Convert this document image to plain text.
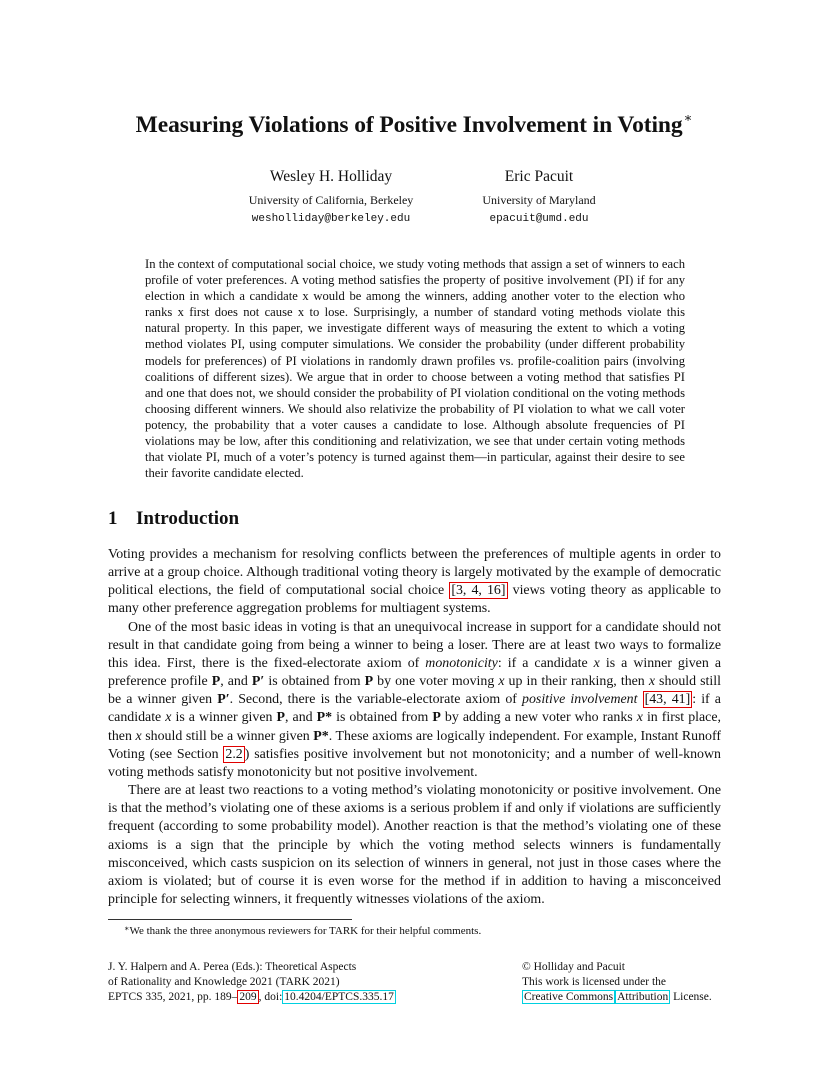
Measuring Violations of Positive Involvement in Voting∗
Wesley H. Holliday
University of California, Berkeley
wesholliday@berkeley.edu
Eric Pacuit
University of Maryland
epacuit@umd.edu
In the context of computational social choice, we study voting methods that assign a set of winners to each profile of voter preferences. A voting method satisfies the property of positive involvement (PI) if for any election in which a candidate x would be among the winners, adding another voter to the election who ranks x first does not cause x to lose. Surprisingly, a number of standard voting methods violate this natural property. In this paper, we investigate different ways of measuring the extent to which a voting method violates PI, using computer simulations. We consider the probability (under different probability models for preferences) of PI violations in randomly drawn profiles vs. profile-coalition pairs (involving coalitions of different sizes). We argue that in order to choose between a voting method that satisfies PI and one that does not, we should consider the probability of PI violation conditional on the voting methods choosing different winners. We should also relativize the probability of PI violation to what we call voter potency, the probability that a voter causes a candidate to lose. Although absolute frequencies of PI violations may be low, after this conditioning and relativization, we see that under certain voting methods that violate PI, much of a voter’s potency is turned against them—in particular, against their desire to see their favorite candidate elected.
1 Introduction

Voting provides a mechanism for resolving conflicts between the preferences of multiple agents in order to arrive at a group choice. Although traditional voting theory is largely motivated by the example of democratic political elections, the field of computational social choice [3, 4, 16] views voting theory as applicable to many other preference aggregation problems for multiagent systems.

One of the most basic ideas in voting is that an unequivocal increase in support for a candidate should not result in that candidate going from being a winner to being a loser. There are at least two ways to formalize this idea. First, there is the fixed-electorate axiom of monotonicity: if a candidate x is a winner given a preference profile P, and P′ is obtained from P by one voter moving x up in their ranking, then x should still be a winner given P′. Second, there is the variable-electorate axiom of positive involvement [43, 41] : if a candidate x is a winner given P, and P* is obtained from P by adding a new voter who ranks x in first place, then x should still be a winner given P*. These axioms are logically independent. For example, Instant Runoff Voting (see Section 2.2 ) satisfies positive involvement but not monotonicity; and a number of well-known voting methods satisfy monotonicity but not positive involvement.

There are at least two reactions to a voting method’s violating monotonicity or positive involvement. One is that the method’s violating one of these axioms is a serious problem if and only if violations are sufficiently frequent (according to some probability model). Another reaction is that the method’s violating one of these axioms is a sign that the principle by which the voting method selects winners is fundamentally misconceived, which casts suspicion on its selection of winners in general, not just in those cases where the axiom is violated; but of course it is even worse for the method if in addition to having a misconceived principle for selecting winners, it frequently witnesses violations of the axiom.

∗We thank the three anonymous reviewers for TARK for their helpful comments.
J. Y. Halpern and A. Perea (Eds.): Theoretical Aspects
of Rationality and Knowledge 2021 (TARK 2021)
EPTCS 335, 2021, pp. 189– 209 , doi: 10.4204/EPTCS.335.17
© Holliday and Pacuit
This work is licensed under the
Creative Commons Attribution License.
